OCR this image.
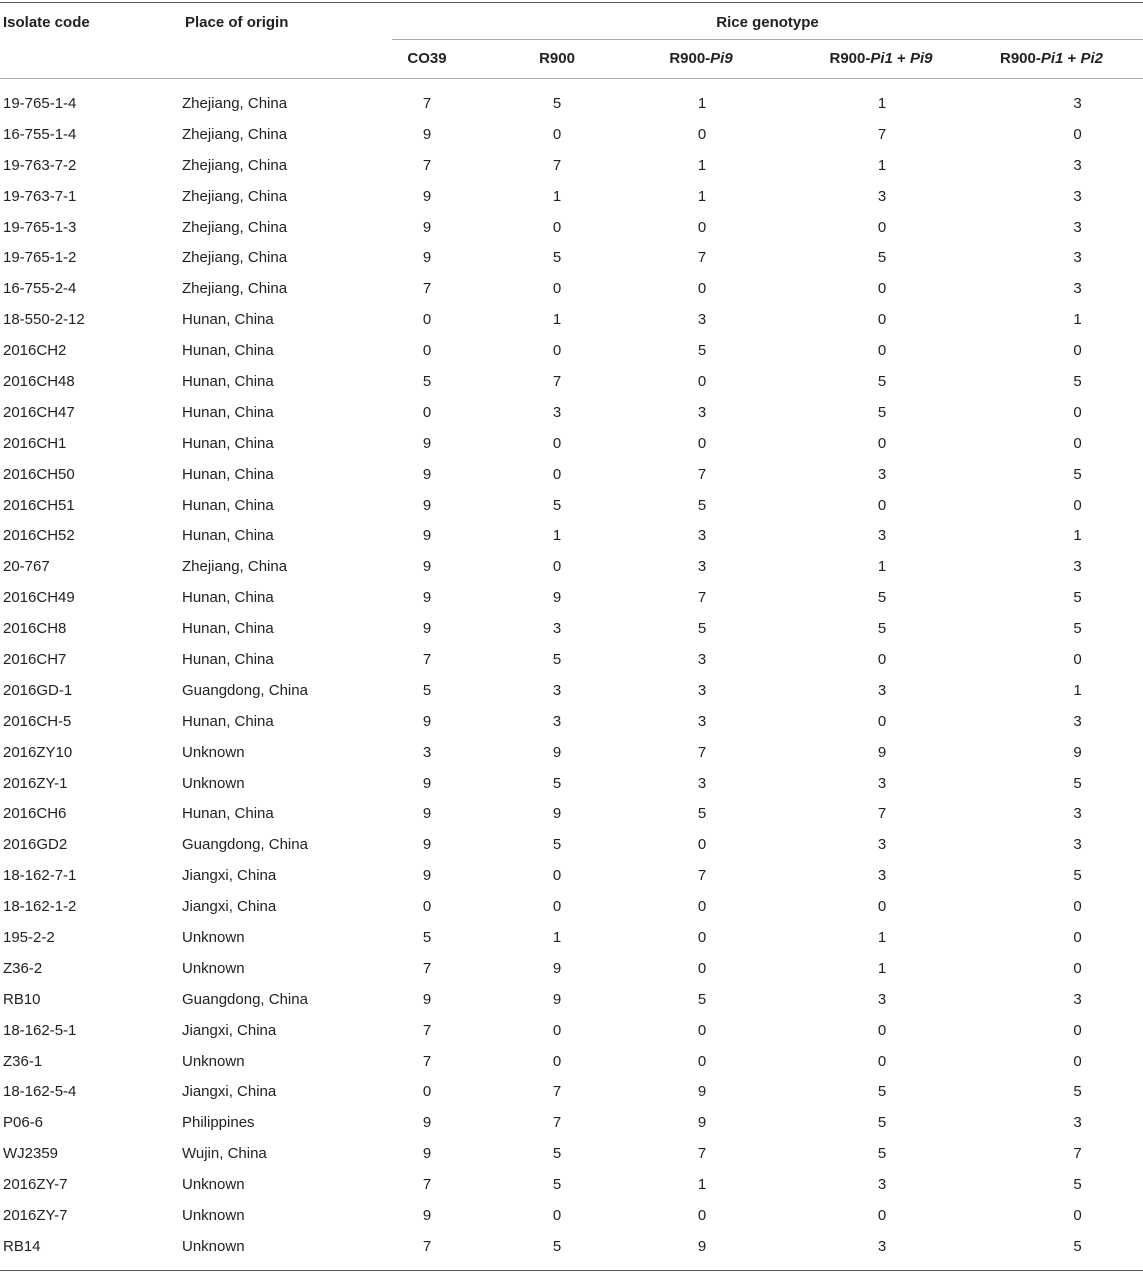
Isolate code	Place of origin	Rice genotype
CO39	R900	R900-Pi9	R900-Pi1 + Pi9	R900-Pi1 + Pi2
19-765-1-4	Zhejiang, China	7	5	1	1	3
16-755-1-4	Zhejiang, China	9	0	0	7	0
19-763-7-2	Zhejiang, China	7	7	1	1	3
19-763-7-1	Zhejiang, China	9	1	1	3	3
19-765-1-3	Zhejiang, China	9	0	0	0	3
19-765-1-2	Zhejiang, China	9	5	7	5	3
16-755-2-4	Zhejiang, China	7	0	0	0	3
18-550-2-12	Hunan, China	0	1	3	0	1
2016CH2	Hunan, China	0	0	5	0	0
2016CH48	Hunan, China	5	7	0	5	5
2016CH47	Hunan, China	0	3	3	5	0
2016CH1	Hunan, China	9	0	0	0	0
2016CH50	Hunan, China	9	0	7	3	5
2016CH51	Hunan, China	9	5	5	0	0
2016CH52	Hunan, China	9	1	3	3	1
20-767	Zhejiang, China	9	0	3	1	3
2016CH49	Hunan, China	9	9	7	5	5
2016CH8	Hunan, China	9	3	5	5	5
2016CH7	Hunan, China	7	5	3	0	0
2016GD-1	Guangdong, China	5	3	3	3	1
2016CH-5	Hunan, China	9	3	3	0	3
2016ZY10	Unknown	3	9	7	9	9
2016ZY-1	Unknown	9	5	3	3	5
2016CH6	Hunan, China	9	9	5	7	3
2016GD2	Guangdong, China	9	5	0	3	3
18-162-7-1	Jiangxi, China	9	0	7	3	5
18-162-1-2	Jiangxi, China	0	0	0	0	0
195-2-2	Unknown	5	1	0	1	0
Z36-2	Unknown	7	9	0	1	0
RB10	Guangdong, China	9	9	5	3	3
18-162-5-1	Jiangxi, China	7	0	0	0	0
Z36-1	Unknown	7	0	0	0	0
18-162-5-4	Jiangxi, China	0	7	9	5	5
P06-6	Philippines	9	7	9	5	3
WJ2359	Wujin, China	9	5	7	5	7
2016ZY-7	Unknown	7	5	1	3	5
2016ZY-7	Unknown	9	0	0	0	0
RB14	Unknown	7	5	9	3	5
